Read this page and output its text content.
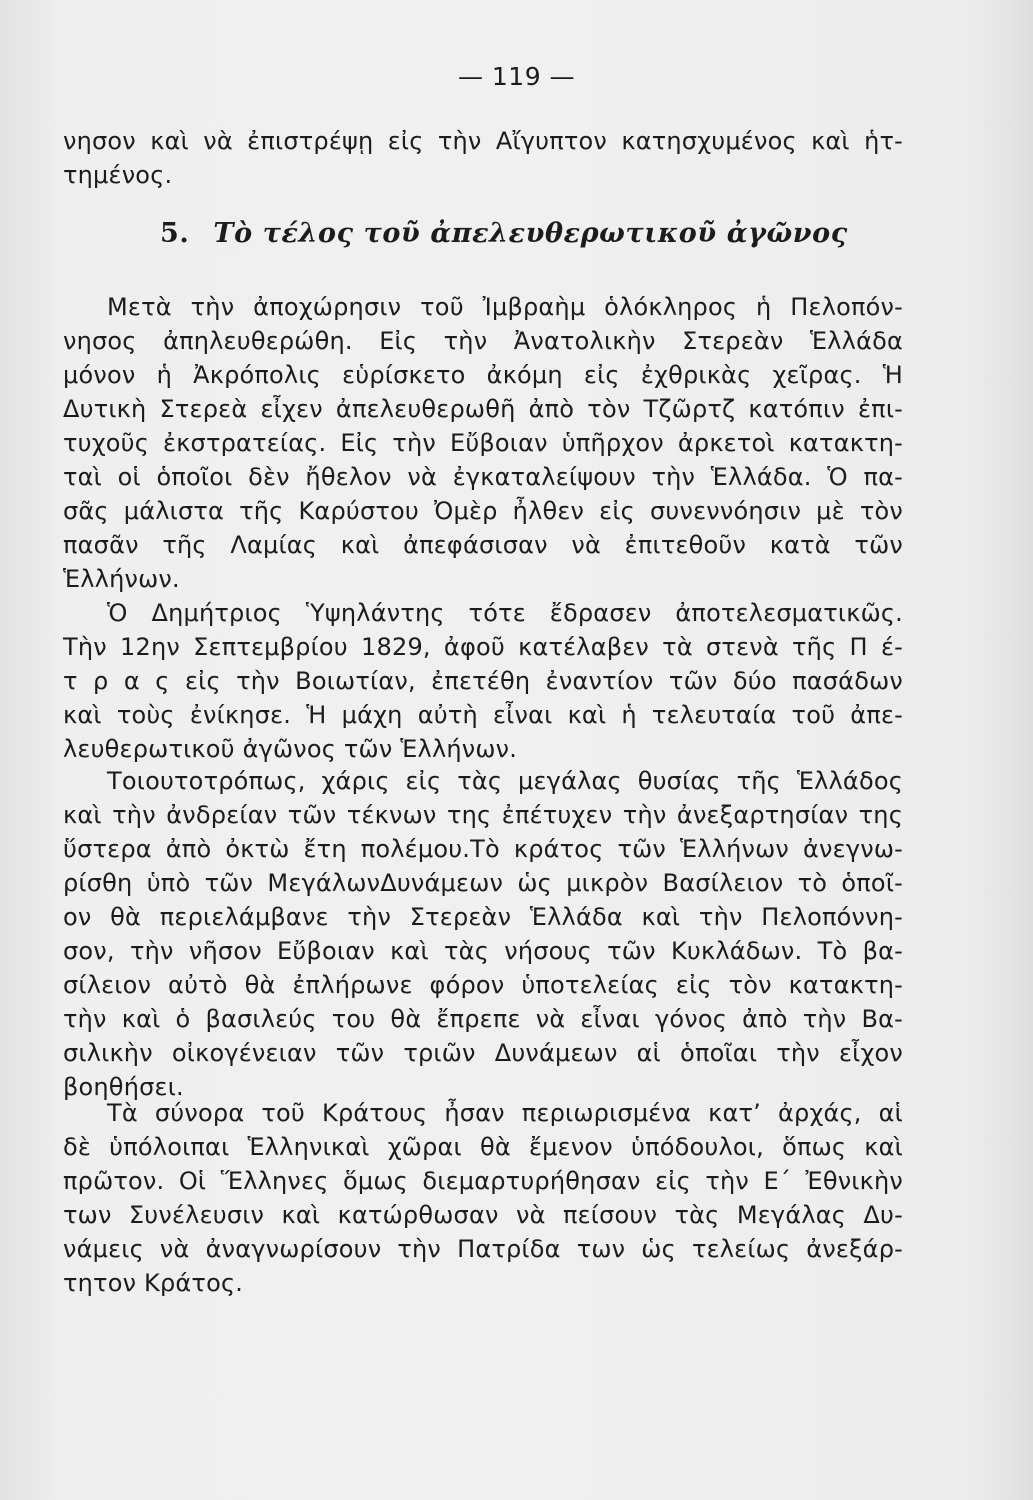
— 119 —
νησον καὶ νὰ ἐπιστρέψῃ εἰς τὴν Αἴγυπτον κατησχυμένος καὶ ἡτ-
τημένος.
5. Τὸ τέλος τοῦ ἀπελευθερωτικοῦ ἀγῶνος
Μετὰ τὴν ἀποχώρησιν τοῦ Ἰμβραὴμ ὁλόκληρος ἡ Πελοπόν-
νησος ἀπηλευθερώθη. Εἰς τὴν Ἀνατολικὴν Στερεὰν Ἑλλάδα
μόνον ἡ Ἀκρόπολις εὑρίσκετο ἀκόμη εἰς ἐχθρικὰς χεῖρας. Ἡ
Δυτικὴ Στερεὰ εἶχεν ἀπελευθερωθῆ ἀπὸ τὸν Τζῶρτζ κατόπιν ἐπι-
τυχοῦς ἐκστρατείας. Εἰς τὴν Εὔβοιαν ὑπῆρχον ἀρκετοὶ κατακτη-
ταὶ οἱ ὁποῖοι δὲν ἤθελον νὰ ἐγκαταλείψουν τὴν Ἑλλάδα. Ὁ πα-
σᾶς μάλιστα τῆς Καρύστου Ὀμὲρ ἦλθεν εἰς συνεννόησιν μὲ τὸν
πασᾶν τῆς Λαμίας καὶ ἀπεφάσισαν νὰ ἐπιτεθοῦν κατὰ τῶν
Ἑλλήνων.
Ὁ Δημήτριος Ὑψηλάντης τότε ἔδρασεν ἀποτελεσματικῶς.
Τὴν 12ην Σεπτεμβρίου 1829, ἀφοῦ κατέλαβεν τὰ στενὰ τῆς Π έ-
τ ρ α ς εἰς τὴν Βοιωτίαν, ἐπετέθη ἐναντίον τῶν δύο πασάδων
καὶ τοὺς ἐνίκησε. Ἡ μάχη αὐτὴ εἶναι καὶ ἡ τελευταία τοῦ ἀπε-
λευθερωτικοῦ ἀγῶνος τῶν Ἑλλήνων.
Τοιουτοτρόπως, χάρις εἰς τὰς μεγάλας θυσίας τῆς Ἑλλάδος
καὶ τὴν ἀνδρείαν τῶν τέκνων της ἐπέτυχεν τὴν ἀνεξαρτησίαν της
ὕστερα ἀπὸ ὀκτὼ ἔτη πολέμου.Τὸ κράτος τῶν Ἑλλήνων ἀνεγνω-
ρίσθη ὑπὸ τῶν ΜεγάλωνΔυνάμεων ὡς μικρὸν Βασίλειον τὸ ὁποῖ-
ον θὰ περιελάμβανε τὴν Στερεὰν Ἑλλάδα καὶ τὴν Πελοπόννη-
σον, τὴν νῆσον Εὔβοιαν καὶ τὰς νήσους τῶν Κυκλάδων. Τὸ βα-
σίλειον αὐτὸ θὰ ἐπλήρωνε φόρον ὑποτελείας εἰς τὸν κατακτη-
τὴν καὶ ὁ βασιλεύς του θὰ ἔπρεπε νὰ εἶναι γόνος ἀπὸ τὴν Βα-
σιλικὴν οἰκογένειαν τῶν τριῶν Δυνάμεων αἱ ὁποῖαι τὴν εἶχον
βοηθήσει.
Τὰ σύνορα τοῦ Κράτους ἦσαν περιωρισμένα κατ’ ἀρχάς, αἱ
δὲ ὑπόλοιπαι Ἑλληνικαὶ χῶραι θὰ ἔμενον ὑπόδουλοι, ὅπως καὶ
πρῶτον. Οἱ Ἕλληνες ὅμως διεμαρτυρήθησαν εἰς τὴν Ε´ Ἐθνικὴν
των Συνέλευσιν καὶ κατώρθωσαν νὰ πείσουν τὰς Μεγάλας Δυ-
νάμεις νὰ ἀναγνωρίσουν τὴν Πατρίδα των ὡς τελείως ἀνεξάρ-
τητον Κράτος.
